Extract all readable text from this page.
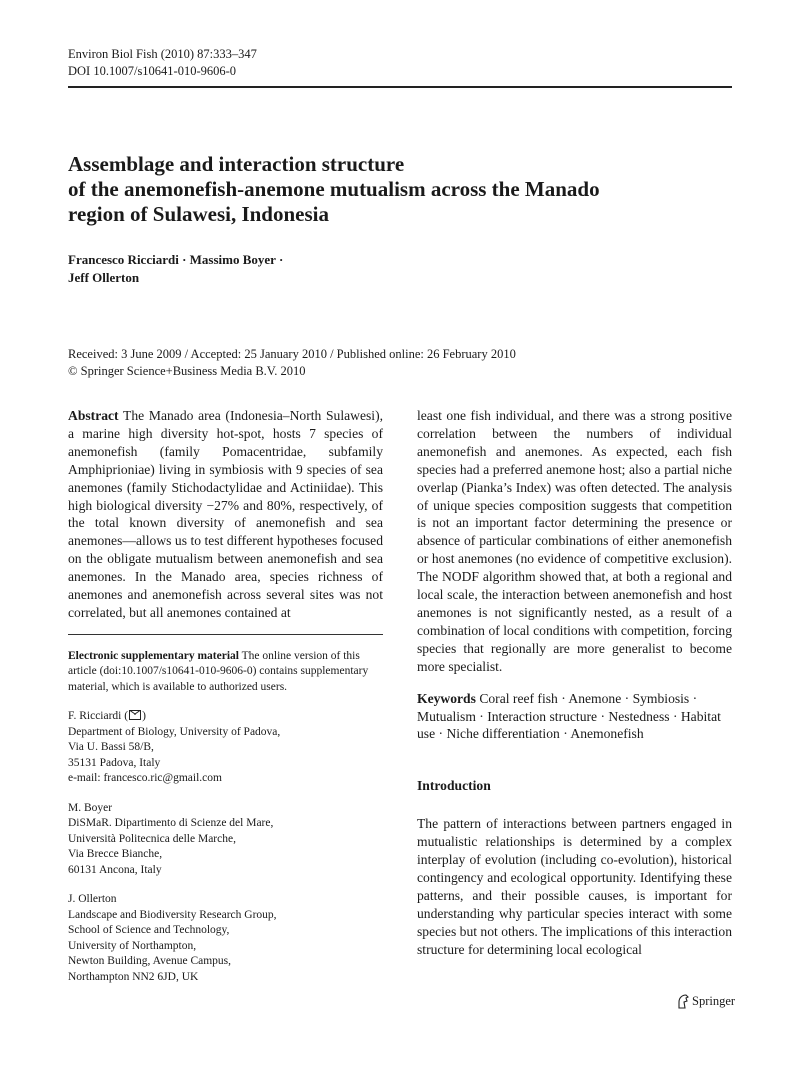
Environ Biol Fish (2010) 87:333–347
DOI 10.1007/s10641-010-9606-0
Assemblage and interaction structure
of the anemonefish-anemone mutualism across the Manado
region of Sulawesi, Indonesia
Francesco Ricciardi · Massimo Boyer ·
Jeff Ollerton
Received: 3 June 2009 / Accepted: 25 January 2010 / Published online: 26 February 2010
© Springer Science+Business Media B.V. 2010

Abstract The Manado area (Indonesia–North Sulawesi), a marine high diversity hot-spot, hosts 7 species of anemonefish (family Pomacentridae, subfamily Amphiprioniae) living in symbiosis with 9 species of sea anemones (family Stichodactylidae and Actiniidae). This high biological diversity −27% and 80%, respectively, of the total known diversity of anemonefish and sea anemones—allows us to test different hypotheses focused on the obligate mutualism between anemonefish and sea anemones. In the Manado area, species richness of anemones and anemonefish across several sites was not correlated, but all anemones contained at

Electronic supplementary material The online version of this article (doi:10.1007/s10641-010-9606-0) contains supplementary material, which is available to authorized users.
F. Ricciardi ( )
Department of Biology, University of Padova,
Via U. Bassi 58/B,
35131 Padova, Italy
e-mail: francesco.ric@gmail.com
M. Boyer
DiSMaR. Dipartimento di Scienze del Mare,
Università Politecnica delle Marche,
Via Brecce Bianche,
60131 Ancona, Italy
J. Ollerton
Landscape and Biodiversity Research Group,
School of Science and Technology,
University of Northampton,
Newton Building, Avenue Campus,
Northampton NN2 6JD, UK

least one fish individual, and there was a strong positive correlation between the numbers of individual anemonefish and anemones. As expected, each fish species had a preferred anemone host; also a partial niche overlap (Pianka’s Index) was often detected. The analysis of unique species composition suggests that competition is not an important factor determining the presence or absence of particular combinations of either anemonefish or host anemones (no evidence of competitive exclusion). The NODF algorithm showed that, at both a regional and local scale, the interaction between anemonefish and host anemones is not significantly nested, as a result of a combination of local conditions with competition, forcing species that regionally are more generalist to become more specialist.

Keywords Coral reef fish · Anemone · Symbiosis · Mutualism · Interaction structure · Nestedness · Habitat use · Niche differentiation · Anemonefish
Introduction

The pattern of interactions between partners engaged in mutualistic relationships is determined by a complex interplay of evolution (including co-evolution), historical contingency and ecological opportunity. Identifying these patterns, and their possible causes, is important for understanding why particular species interact with some species but not others. The implications of this interaction structure for determining local ecological

Springer
